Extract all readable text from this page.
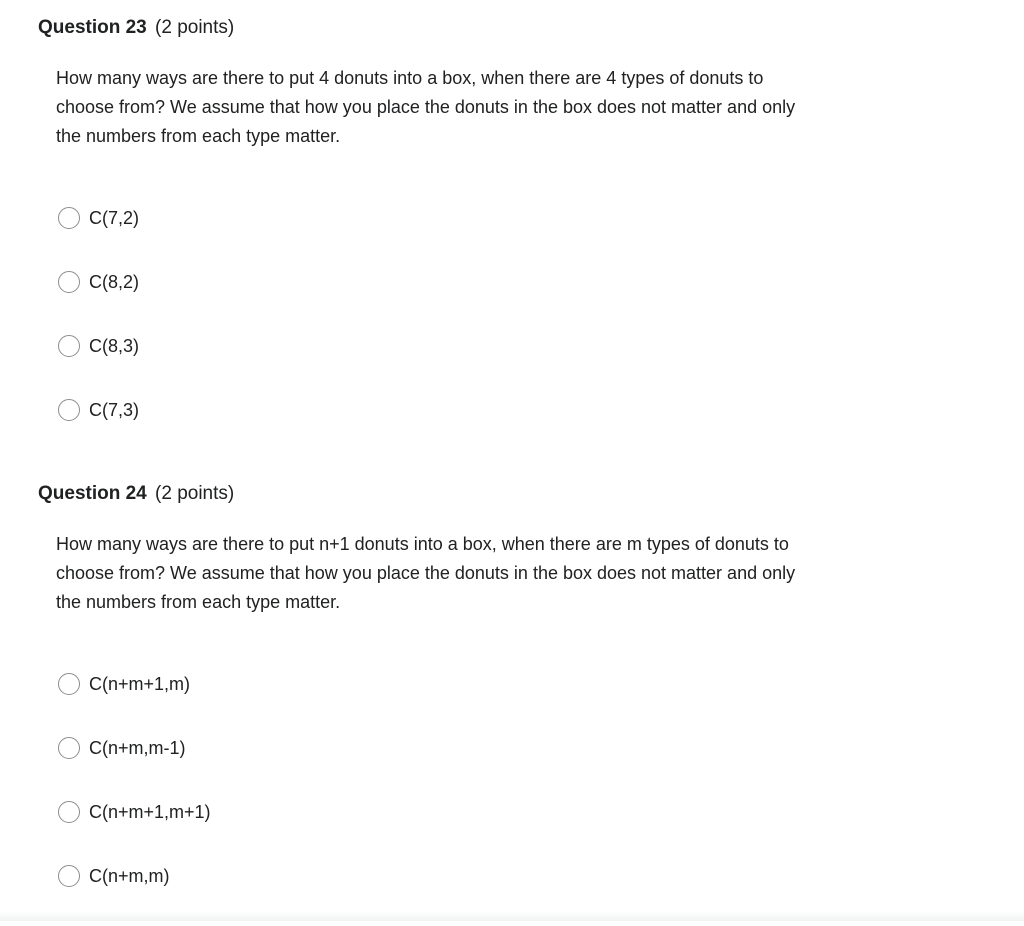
Question 23 (2 points)
How many ways are there to put 4 donuts into a box, when there are 4 types of donuts to choose from? We assume that how you place the donuts in the box does not matter and only the numbers from each type matter.
C(7,2)
C(8,2)
C(8,3)
C(7,3)
Question 24 (2 points)
How many ways are there to put n+1 donuts into a box, when there are m types of donuts to choose from? We assume that how you place the donuts in the box does not matter and only the numbers from each type matter.
C(n+m+1,m)
C(n+m,m-1)
C(n+m+1,m+1)
C(n+m,m)
